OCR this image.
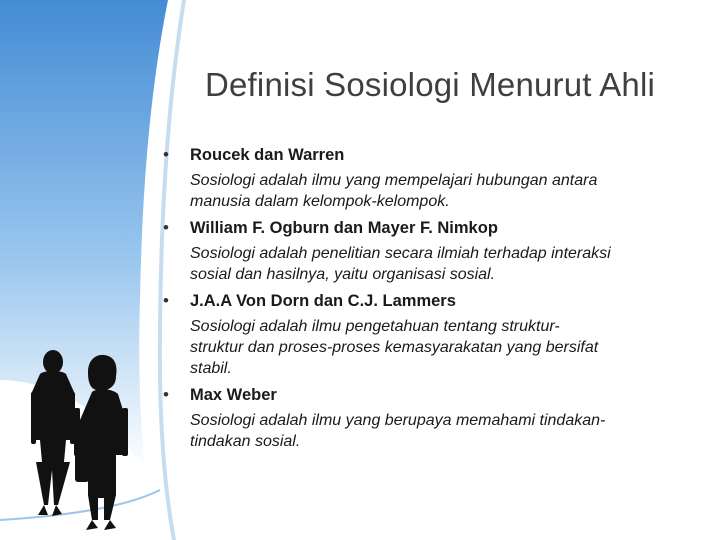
Definisi Sosiologi Menurut Ahli
• Roucek dan Warren
Sosiologi adalah ilmu yang mempelajari hubungan antara
manusia dalam kelompok-kelompok.
• William F. Ogburn dan Mayer F. Nimkop
Sosiologi adalah penelitian secara ilmiah terhadap interaksi
sosial dan hasilnya, yaitu organisasi sosial.
• J.A.A Von Dorn dan C.J. Lammers
Sosiologi adalah ilmu pengetahuan tentang struktur-
struktur dan proses-proses kemasyarakatan yang bersifat
stabil.
• Max Weber
Sosiologi adalah ilmu yang berupaya memahami tindakan-
tindakan sosial.
